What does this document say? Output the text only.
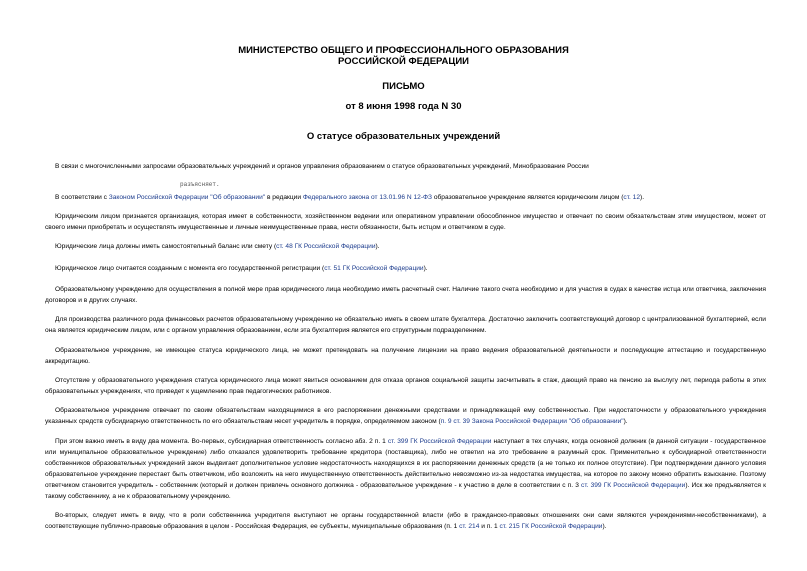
МИНИСТЕРСТВО ОБЩЕГО И ПРОФЕССИОНАЛЬНОГО ОБРАЗОВАНИЯ
РОССИЙСКОЙ ФЕДЕРАЦИИ
ПИСЬМО
от 8 июня 1998 года N 30
О статусе образовательных учреждений
В связи с многочисленными запросами образовательных учреждений и органов управления образованием о статусе образовательных учреждений, Минобразование России
разъясняет.
В соответствии с Законом Российской Федерации "Об образовании" в редакции Федерального закона от 13.01.96 N 12-ФЗ образовательное учреждение является юридическим лицом (ст. 12).
Юридическим лицом признается организация, которая имеет в собственности, хозяйственном ведении или оперативном управлении обособленное имущество и отвечает по своим обязательствам этим имуществом, может от своего имени приобретать и осуществлять имущественные и личные неимущественные права, нести обязанности, быть истцом и ответчиком в суде.
Юридические лица должны иметь самостоятельный баланс или смету (ст. 48 ГК Российской Федерации).
Юридическое лицо считается созданным с момента его государственной регистрации (ст. 51 ГК Российской Федерации).
Образовательному учреждению для осуществления в полной мере прав юридического лица необходимо иметь расчетный счет. Наличие такого счета необходимо и для участия в судах в качестве истца или ответчика, заключения договоров и в других случаях.
Для производства различного рода финансовых расчетов образовательному учреждению не обязательно иметь в своем штате бухгалтера. Достаточно заключить соответствующий договор с централизованной бухгалтерией, если она является юридическим лицом, или с органом управления образованием, если эта бухгалтерия является его структурным подразделением.
Образовательное учреждение, не имеющее статуса юридического лица, не может претендовать на получение лицензии на право ведения образовательной деятельности и последующие аттестацию и государственную аккредитацию.
Отсутствие у образовательного учреждения статуса юридического лица может явиться основанием для отказа органов социальной защиты засчитывать в стаж, дающий право на пенсию за выслугу лет, периода работы в этих образовательных учреждениях, что приведет к ущемлению прав педагогических работников.
Образовательное учреждение отвечает по своим обязательствам находящимися в его распоряжении денежными средствами и принадлежащей ему собственностью. При недостаточности у образовательного учреждения указанных средств субсидиарную ответственность по его обязательствам несет учредитель в порядке, определяемом законом (п. 9 ст. 39 Закона Российской Федерации "Об образовании").
При этом важно иметь в виду два момента. Во-первых, субсидиарная ответственность согласно абз. 2 п. 1 ст. 399 ГК Российской Федерации наступает в тех случаях, когда основной должник (в данной ситуации - государственное или муниципальное образовательное учреждение) либо отказался удовлетворить требование кредитора (поставщика), либо не ответил на это требование в разумный срок. Применительно к субсидиарной ответственности собственников образовательных учреждений закон выдвигает дополнительное условие недостаточность находящихся в их распоряжении денежных средств (а не только их полное отсутствие). При подтверждении данного условия образовательное учреждение перестает быть ответчиком, ибо возложить на него имущественную ответственность действительно невозможно из-за недостатка имущества, на которое по закону можно обратить взыскание. Поэтому ответчиком становится учредитель - собственник (который и должен привлечь основного должника - образовательное учреждение - к участию в деле в соответствии с п. 3 ст. 399 ГК Российской Федерации). Иск же предъявляется к такому собственнику, а не к образовательному учреждению.
Во-вторых, следует иметь в виду, что в роли собственника учредителя выступают не органы государственной власти (ибо в гражданско-правовых отношениях они сами являются учреждениями-несобственниками), а соответствующие публично-правовые образования в целом - Российская Федерация, ее субъекты, муниципальные образования (п. 1 ст. 214 и п. 1 ст. 215 ГК Российской Федерации).
